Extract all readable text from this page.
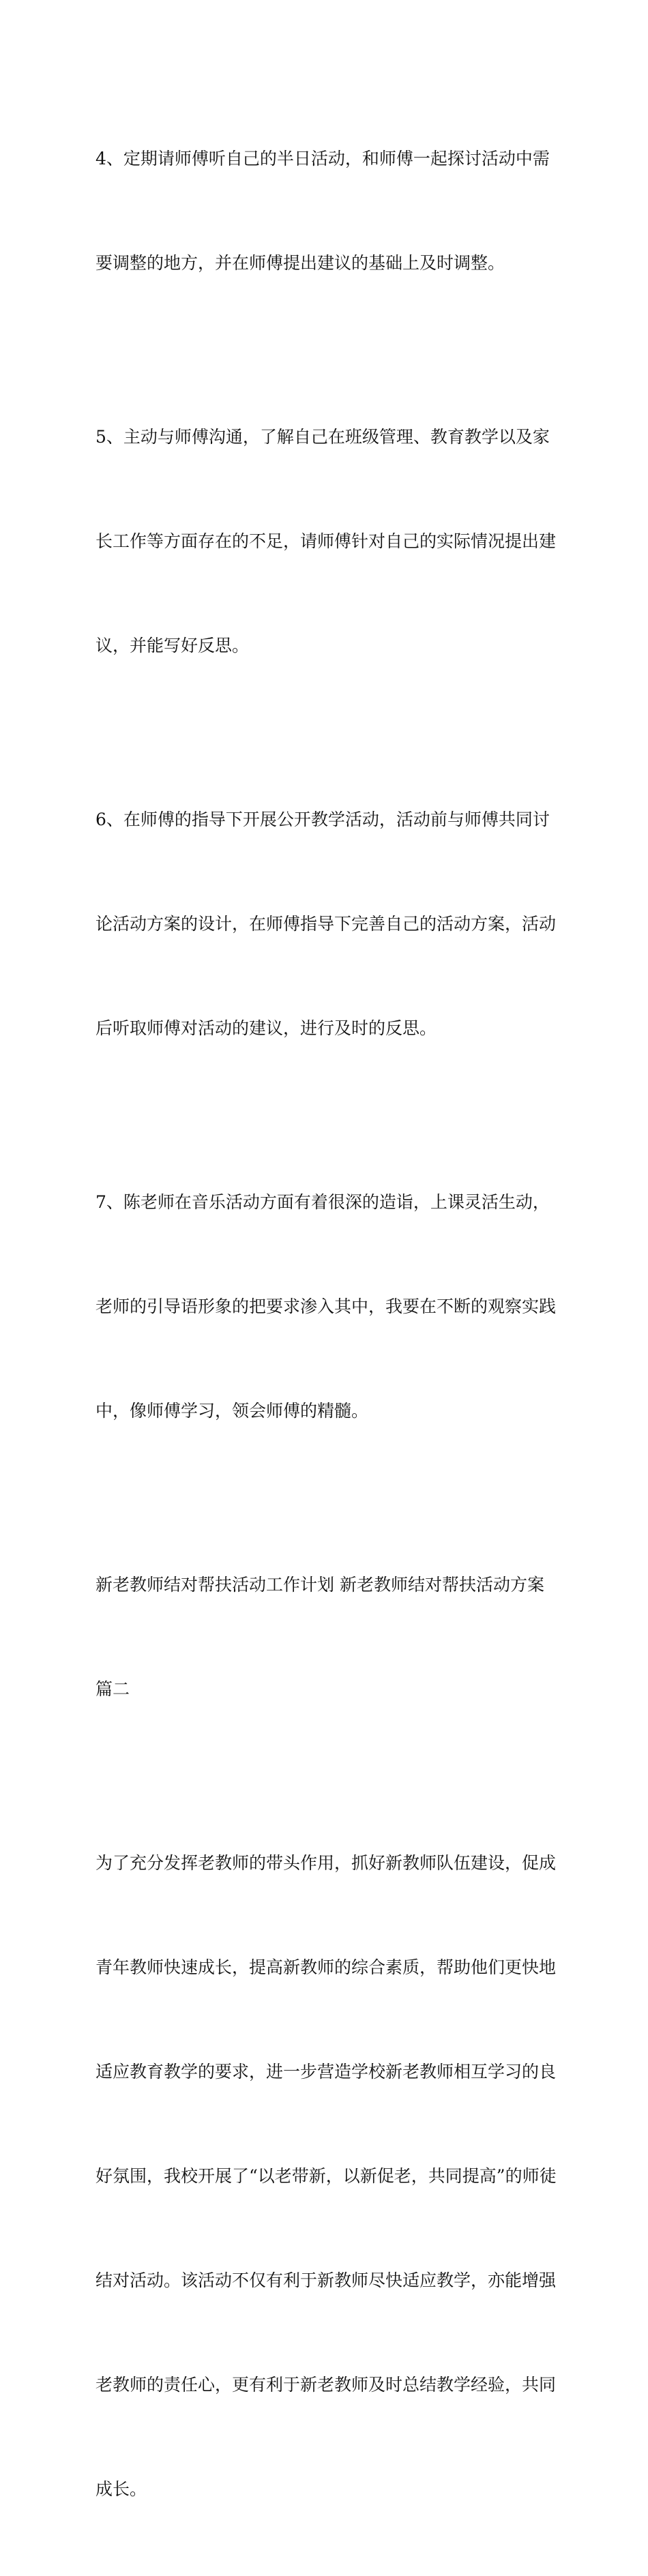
4、定期请师傅听自己的半日活动，和师傅一起探讨活动中需

要调整的地方，并在师傅提出建议的基础上及时调整。

5、主动与师傅沟通，了解自己在班级管理、教育教学以及家

长工作等方面存在的不足，请师傅针对自己的实际情况提出建

议，并能写好反思。

6、在师傅的指导下开展公开教学活动，活动前与师傅共同讨

论活动方案的设计，在师傅指导下完善自己的活动方案，活动

后听取师傅对活动的建议，进行及时的反思。

7、陈老师在音乐活动方面有着很深的造诣，上课灵活生动，

老师的引导语形象的把要求渗入其中，我要在不断的观察实践

中，像师傅学习，领会师傅的精髓。

新老教师结对帮扶活动工作计划 新老教师结对帮扶活动方案

篇二

为了充分发挥老教师的带头作用，抓好新教师队伍建设，促成

青年教师快速成长，提高新教师的综合素质，帮助他们更快地

适应教育教学的要求，进一步营造学校新老教师相互学习的良

好氛围，我校开展了“以老带新，以新促老，共同提高”的师徒

结对活动。该活动不仅有利于新教师尽快适应教学，亦能增强

老教师的责任心，更有利于新老教师及时总结教学经验，共同

成长。
